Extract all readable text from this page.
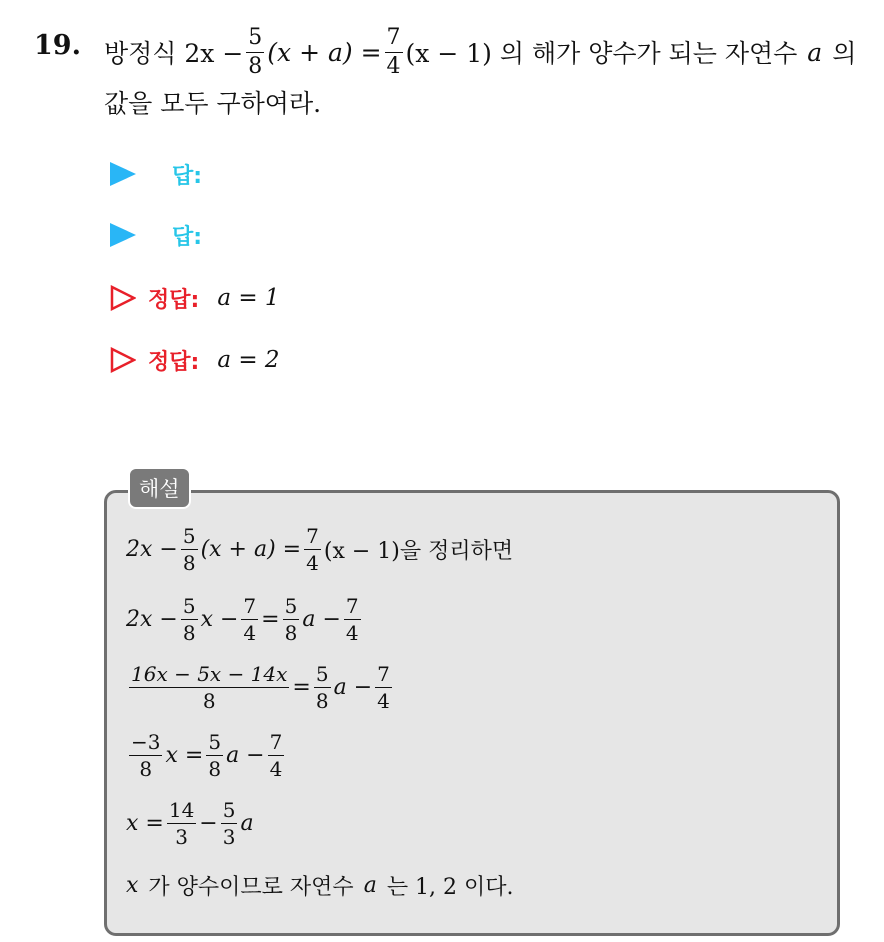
19. 방정식 $2x - \frac{5}{8} (x + a) = \frac{7}{4} (x - 1)$ 의 해가 양수가 되는 자연수 a 의
값을 모두 구하여라.
답:
답:
정답: a = 1
정답: a = 2
해설
$2x - \frac{5}{8} (x + a) = \frac{7}{4} (x - 1)$을 정리하면
$2x - \frac{5}{8}$ $x - \frac{7}{4} = \frac{5}{8}$ $a - \frac{7}{4}$
$\frac{16x - 5x - 14x}{8} = \frac{5}{8}$ $a - \frac{7}{4}$
$\frac{-3}{8}$ $x = \frac{5}{8}$ $a - \frac{7}{4}$
$x = \frac{14}{3} - \frac{5}{3}$ a
x 가 양수이므로 자연수 a 는 1, 2 이다.
